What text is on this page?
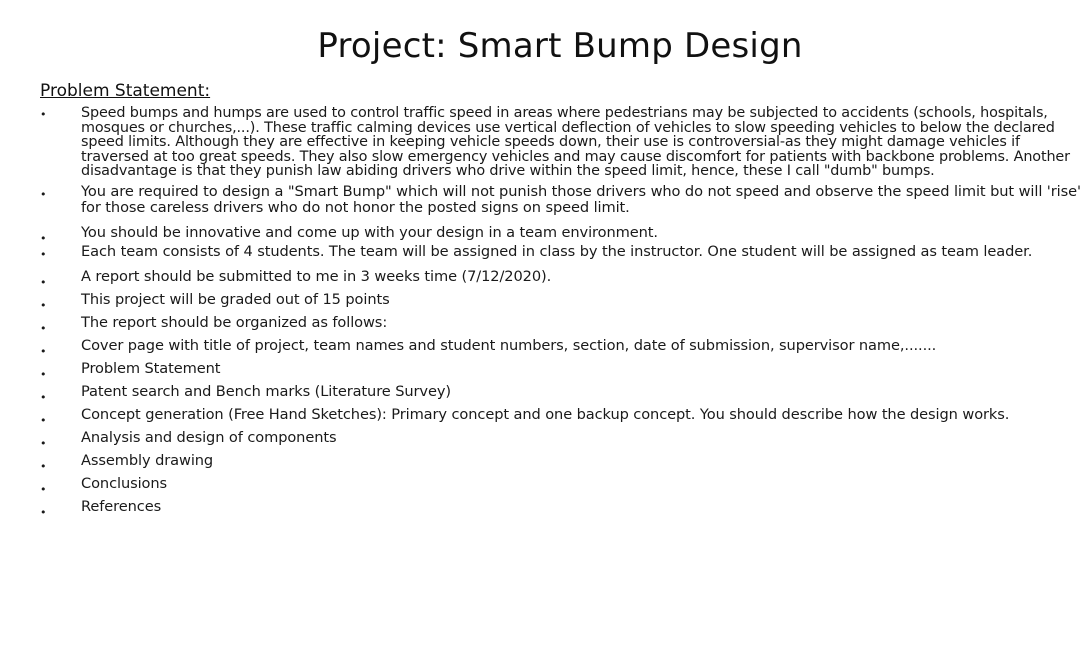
Project: Smart Bump Design
Problem Statement:
• Speed bumps and humps are used to control traffic speed in areas where pedestrians may be subjected to accidents (schools, hospitals, mosques or churches,...). These traffic calming devices use vertical deflection of vehicles to slow speeding vehicles to below the declared speed limits. Although they are effective in keeping vehicle speeds down, their use is controversial-as they might damage vehicles if traversed at too great speeds. They also slow emergency vehicles and may cause discomfort for patients with backbone problems. Another disadvantage is that they punish law abiding drivers who drive within the speed limit, hence, these I call "dumb" bumps.
• You are required to design a "Smart Bump" which will not punish those drivers who do not speed and observe the speed limit but will 'rise' for those careless drivers who do not honor the posted signs on speed limit.
• You should be innovative and come up with your design in a team environment.
• Each team consists of 4 students. The team will be assigned in class by the instructor. One student will be assigned as team leader.
• A report should be submitted to me in 3 weeks time (7/12/2020).
• This project will be graded out of 15 points
• The report should be organized as follows:
• Cover page with title of project, team names and student numbers, section, date of submission, supervisor name,.......
• Problem Statement
• Patent search and Bench marks (Literature Survey)
• Concept generation (Free Hand Sketches): Primary concept and one backup concept. You should describe how the design works.
• Analysis and design of components
• Assembly drawing
• Conclusions
• References
